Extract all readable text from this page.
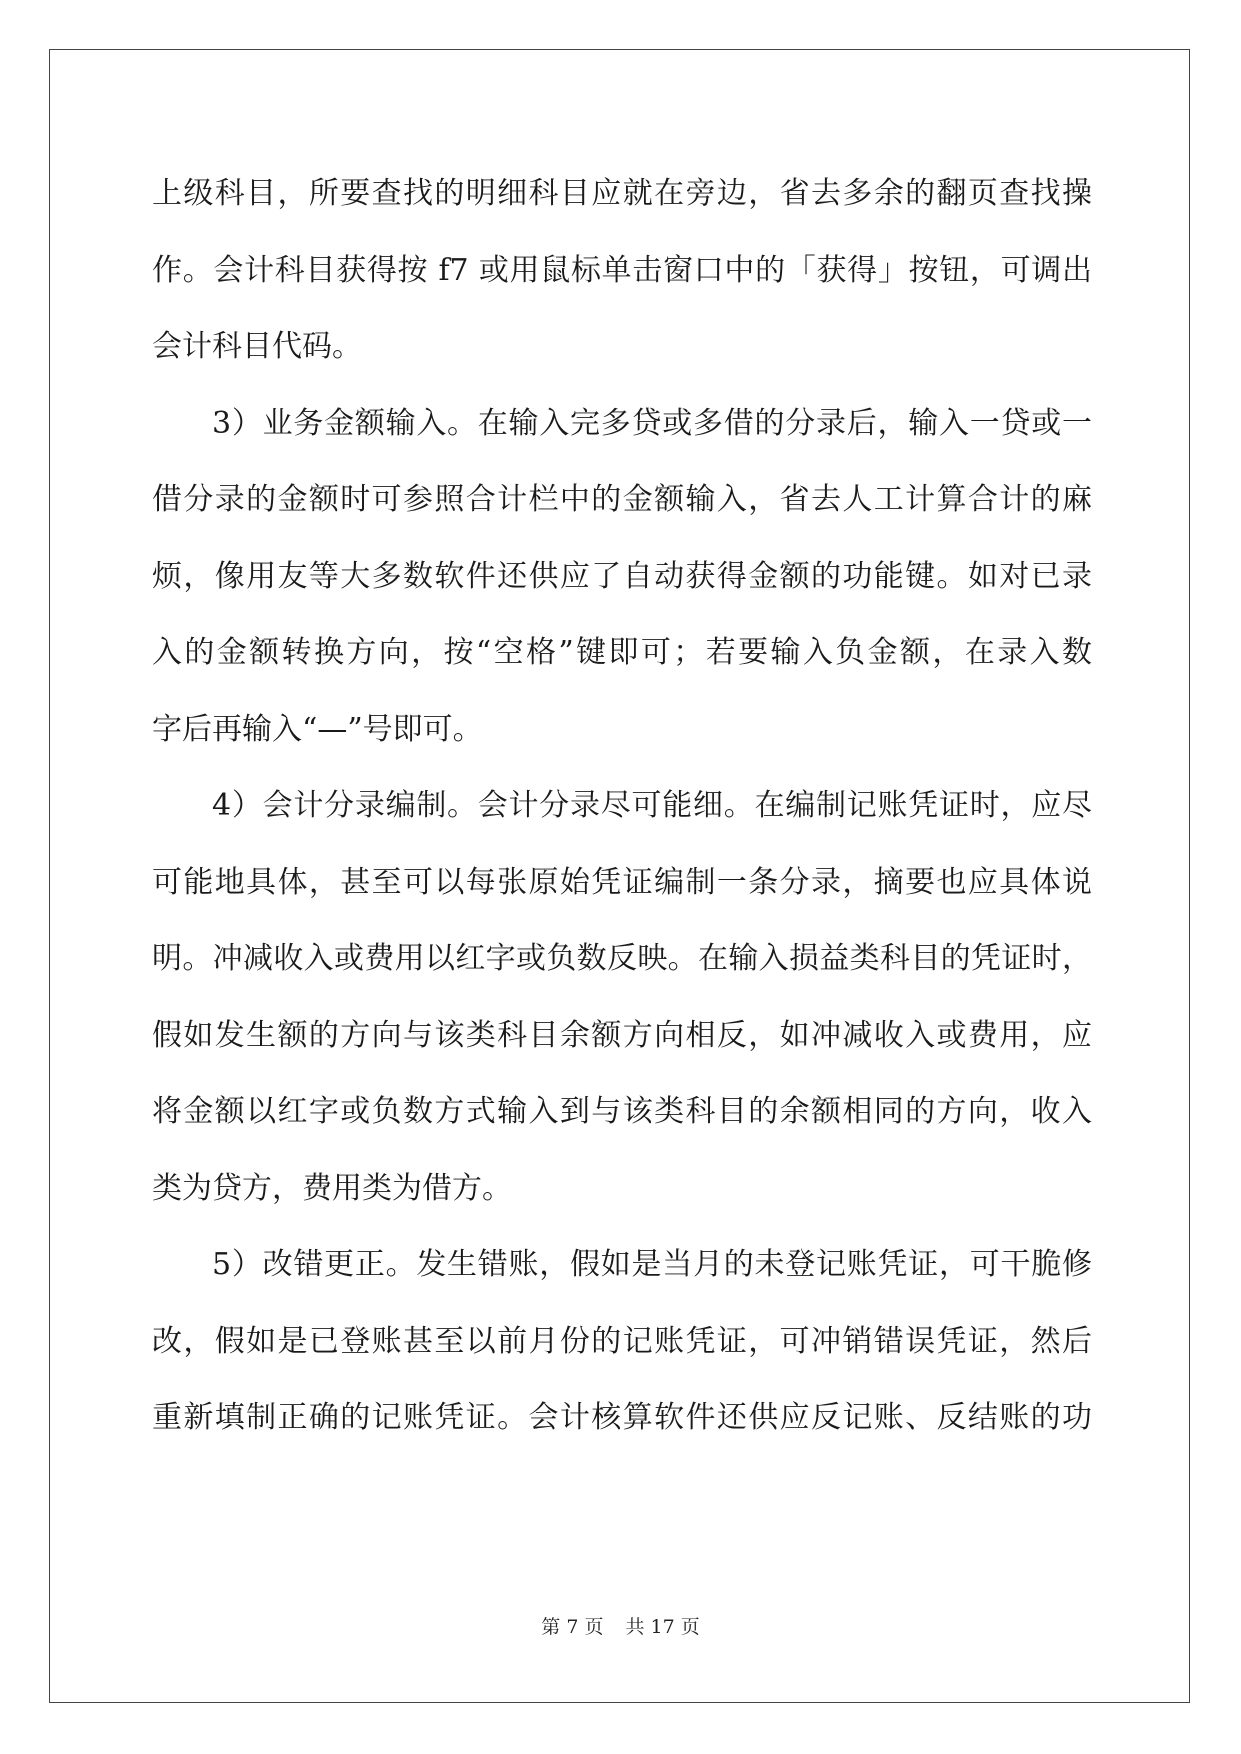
上级科目，所要查找的明细科目应就在旁边，省去多余的翻页查找操
作。会计科目获得按 f7 或用鼠标单击窗口中的「获得」按钮，可调出
会计科目代码。
3）业务金额输入。在输入完多贷或多借的分录后，输入一贷或一
借分录的金额时可参照合计栏中的金额输入，省去人工计算合计的麻
烦，像用友等大多数软件还供应了自动获得金额的功能键。如对已录
入的金额转换方向，按“空格”键即可；若要输入负金额，在录入数
字后再输入“—”号即可。
4）会计分录编制。会计分录尽可能细。在编制记账凭证时，应尽
可能地具体，甚至可以每张原始凭证编制一条分录，摘要也应具体说
明。冲减收入或费用以红字或负数反映。在输入损益类科目的凭证时，
假如发生额的方向与该类科目余额方向相反，如冲减收入或费用，应
将金额以红字或负数方式输入到与该类科目的余额相同的方向，收入
类为贷方，费用类为借方。
5）改错更正。发生错账，假如是当月的未登记账凭证，可干脆修
改，假如是已登账甚至以前月份的记账凭证，可冲销错误凭证，然后
重新填制正确的记账凭证。会计核算软件还供应反记账、反结账的功
第 7 页 共 17 页
